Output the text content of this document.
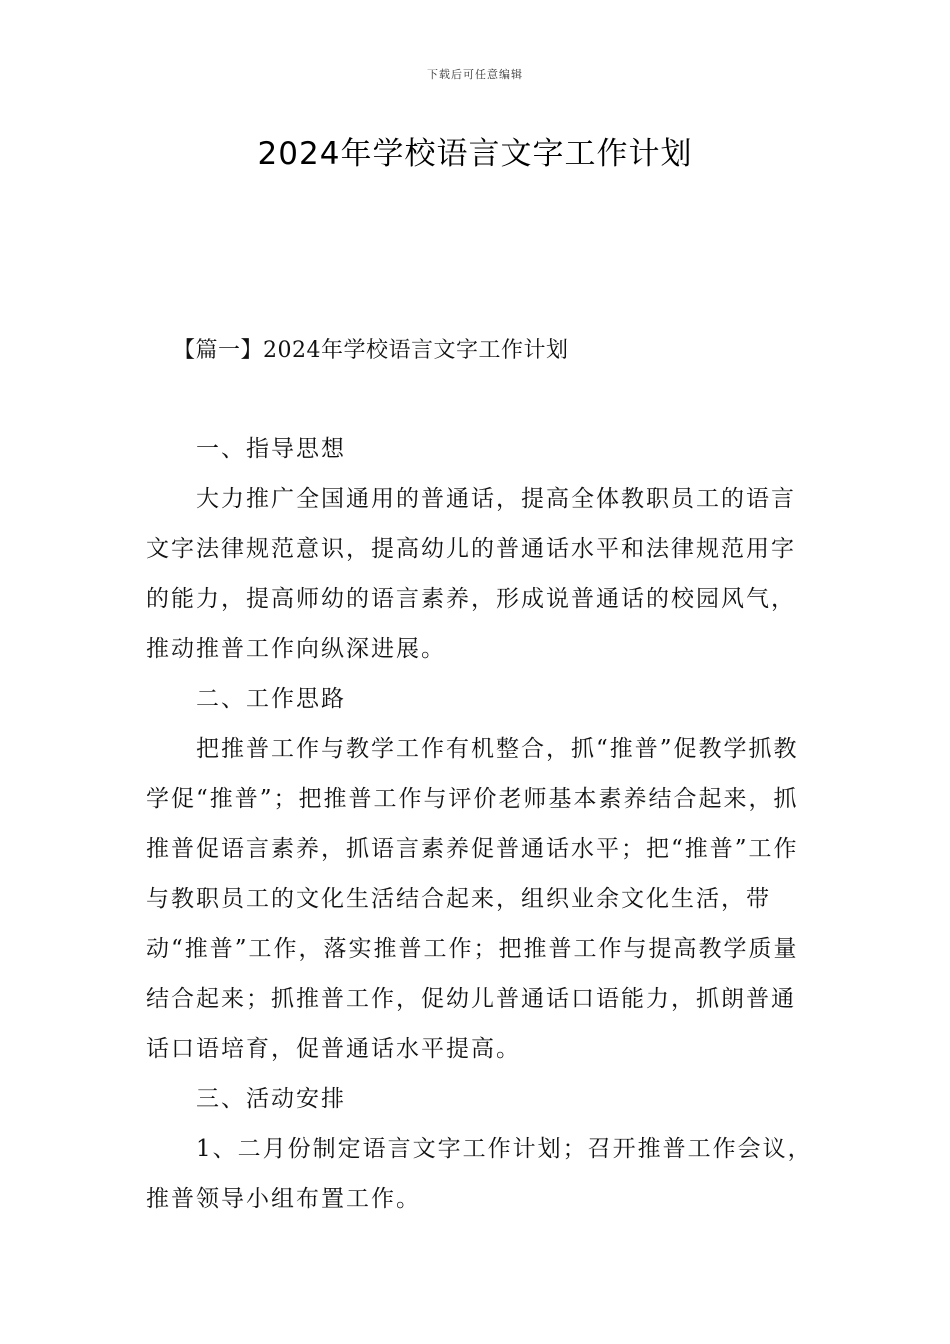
下载后可任意编辑
2024年学校语言文字工作计划
【篇一】2024年学校语言文字工作计划

一、指导思想

大力推广全国通用的普通话，提高全体教职员工的语言文字法律规范意识，提高幼儿的普通话水平和法律规范用字的能力，提高师幼的语言素养，形成说普通话的校园风气，推动推普工作向纵深进展。

二、工作思路

把推普工作与教学工作有机整合，抓“推普”促教学抓教学促“推普”；把推普工作与评价老师基本素养结合起来，抓推普促语言素养，抓语言素养促普通话水平；把“推普”工作与教职员工的文化生活结合起来，组织业余文化生活，带动“推普”工作，落实推普工作；把推普工作与提高教学质量结合起来；抓推普工作，促幼儿普通话口语能力，抓朗普通话口语培育，促普通话水平提高。

三、活动安排

1、二月份制定语言文字工作计划；召开推普工作会议，推普领导小组布置工作。
